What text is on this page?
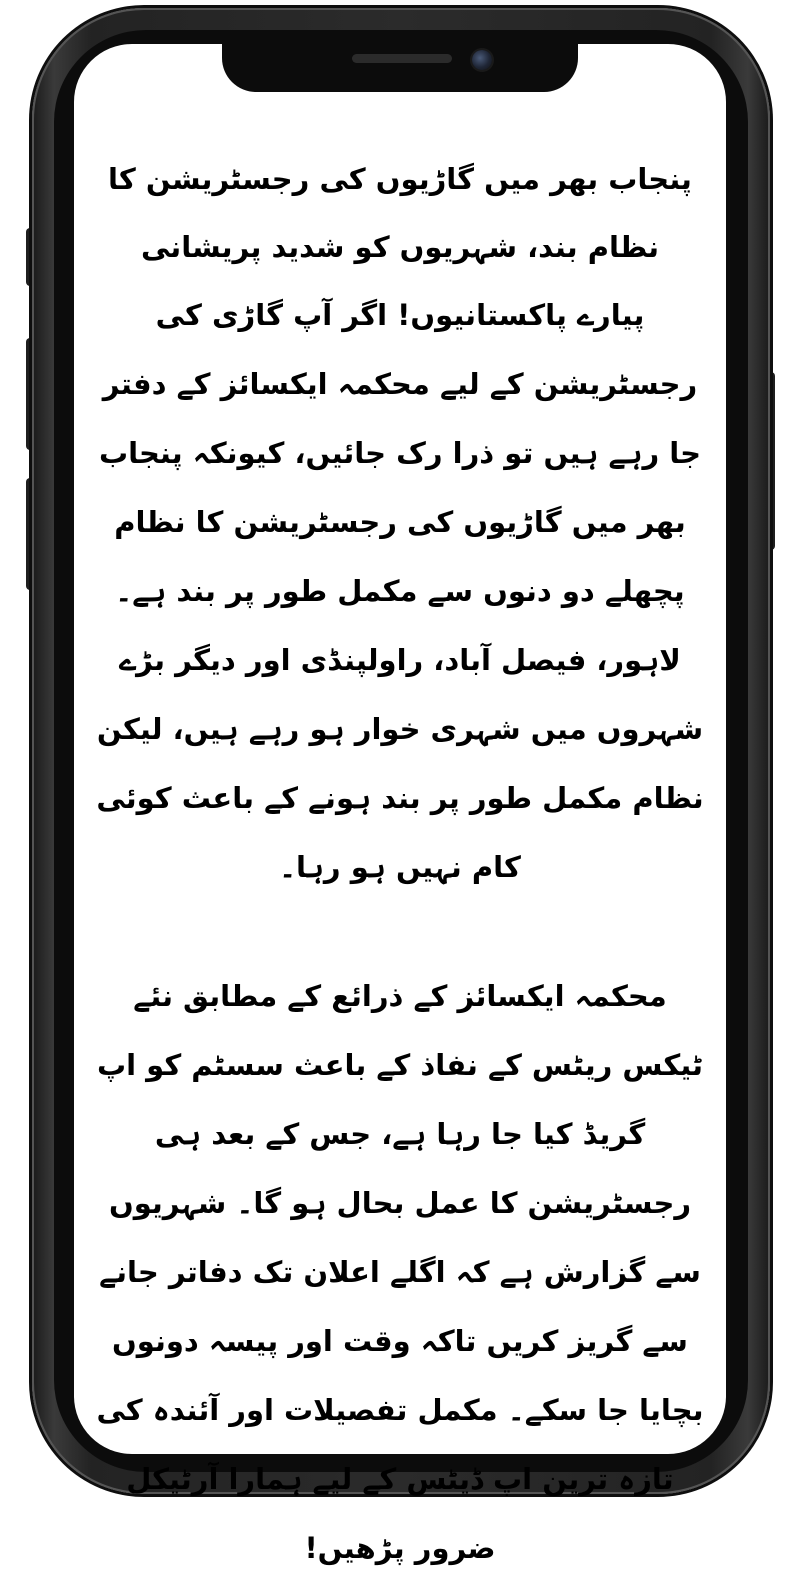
پنجاب بھر میں گاڑیوں کی رجسٹریشن کا نظام بند، شہریوں کو شدید پریشانی

پیارے پاکستانیوں! اگر آپ گاڑی کی رجسٹریشن کے لیے محکمہ ایکسائز کے دفتر جا رہے ہیں تو ذرا رک جائیں، کیونکہ پنجاب بھر میں گاڑیوں کی رجسٹریشن کا نظام پچھلے دو دنوں سے مکمل طور پر بند ہے۔ لاہور، فیصل آباد، راولپنڈی اور دیگر بڑے شہروں میں شہری خوار ہو رہے ہیں، لیکن نظام مکمل طور پر بند ہونے کے باعث کوئی کام نہیں ہو رہا۔

محکمہ ایکسائز کے ذرائع کے مطابق نئے ٹیکس ریٹس کے نفاذ کے باعث سسٹم کو اپ گریڈ کیا جا رہا ہے، جس کے بعد ہی رجسٹریشن کا عمل بحال ہو گا۔ شہریوں سے گزارش ہے کہ اگلے اعلان تک دفاتر جانے سے گریز کریں تاکہ وقت اور پیسہ دونوں بچایا جا سکے۔ مکمل تفصیلات اور آئندہ کی تازہ ترین اپ ڈیٹس کے لیے ہمارا آرٹیکل ضرور پڑھیں!
